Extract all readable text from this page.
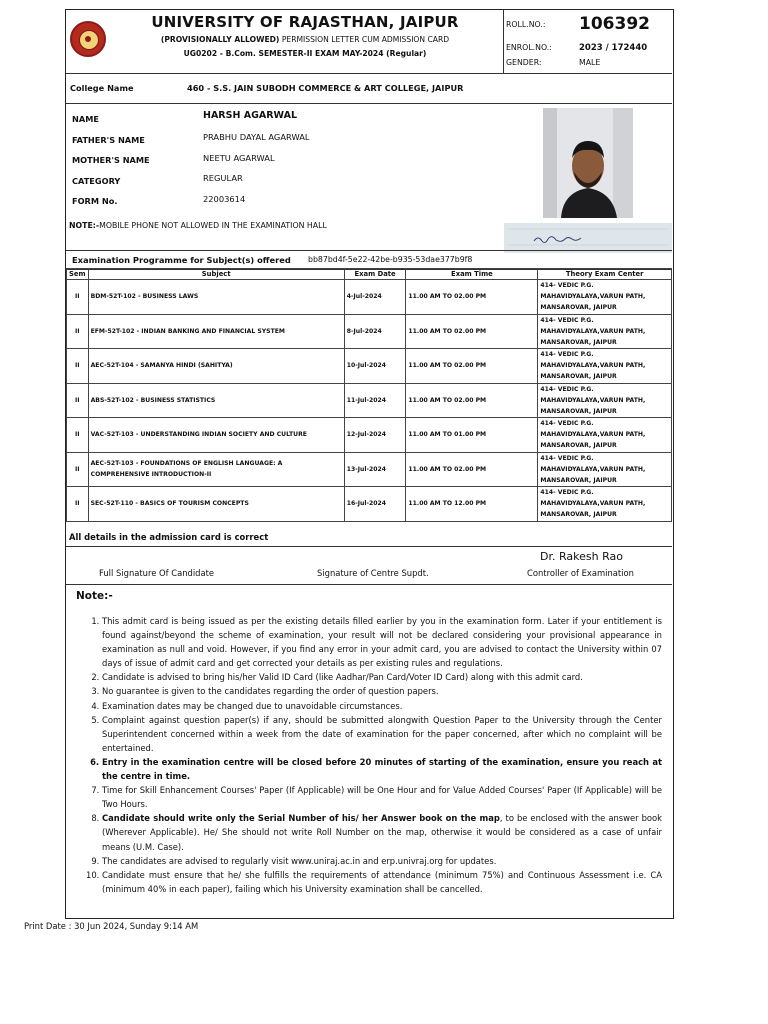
UNIVERSITY OF RAJASTHAN, JAIPUR
(PROVISIONALLY ALLOWED) PERMISSION LETTER CUM ADMISSION CARD
UG0202 - B.Com. SEMESTER-II EXAM MAY-2024 (Regular)
ROLL.NO.: 106392
ENROL.NO.:	2023 / 172440
GENDER:	MALE
College Name	460 - S.S. JAIN SUBODH COMMERCE & ART COLLEGE, JAIPUR
NAME	HARSH AGARWAL
FATHER'S NAME	PRABHU DAYAL AGARWAL
MOTHER'S NAME	NEETU AGARWAL
CATEGORY	REGULAR
FORM No.	22003614
NOTE:-MOBILE PHONE NOT ALLOWED IN THE EXAMINATION HALL
Examination Programme for Subject(s) offered bb87bd4f-5e22-42be-b935-53dae377b9f8
Sem	Subject	Exam Date	Exam Time	Theory Exam Center
II	BDM-52T-102 - BUSINESS LAWS	4-Jul-2024	11.00 AM TO 02.00 PM	414- VEDIC P.G. MAHAVIDYALAYA,VARUN PATH, MANSAROVAR, JAIPUR
II	EFM-52T-102 - INDIAN BANKING AND FINANCIAL SYSTEM	8-Jul-2024	11.00 AM TO 02.00 PM	414- VEDIC P.G. MAHAVIDYALAYA,VARUN PATH, MANSAROVAR, JAIPUR
II	AEC-52T-104 - SAMANYA HINDI (SAHITYA)	10-Jul-2024	11.00 AM TO 02.00 PM	414- VEDIC P.G. MAHAVIDYALAYA,VARUN PATH, MANSAROVAR, JAIPUR
II	ABS-52T-102 - BUSINESS STATISTICS	11-Jul-2024	11.00 AM TO 02.00 PM	414- VEDIC P.G. MAHAVIDYALAYA,VARUN PATH, MANSAROVAR, JAIPUR
II	VAC-52T-103 - UNDERSTANDING INDIAN SOCIETY AND CULTURE	12-Jul-2024	11.00 AM TO 01.00 PM	414- VEDIC P.G. MAHAVIDYALAYA,VARUN PATH, MANSAROVAR, JAIPUR
II	AEC-52T-103 - FOUNDATIONS OF ENGLISH LANGUAGE: A COMPREHENSIVE INTRODUCTION-II	13-Jul-2024	11.00 AM TO 02.00 PM	414- VEDIC P.G. MAHAVIDYALAYA,VARUN PATH, MANSAROVAR, JAIPUR
II	SEC-52T-110 - BASICS OF TOURISM CONCEPTS	16-Jul-2024	11.00 AM TO 12.00 PM	414- VEDIC P.G. MAHAVIDYALAYA,VARUN PATH, MANSAROVAR, JAIPUR
All details in the admission card is correct
Dr. Rakesh Rao
Full Signature Of Candidate	Signature of Centre Supdt.	Controller of Examination
Note:-
1. This admit card is being issued as per the existing details filled earlier by you in the examination form. Later if your entitlement is found against/beyond the scheme of examination, your result will not be declared considering your provisional appearance in examination as null and void. However, if you find any error in your admit card, you are advised to contact the University within 07 days of issue of admit card and get corrected your details as per existing rules and regulations.
2. Candidate is advised to bring his/her Valid ID Card (like Aadhar/Pan Card/Voter ID Card) along with this admit card.
3. No guarantee is given to the candidates regarding the order of question papers.
4. Examination dates may be changed due to unavoidable circumstances.
5. Complaint against question paper(s) if any, should be submitted alongwith Question Paper to the University through the Center Superintendent concerned within a week from the date of examination for the paper concerned, after which no complaint will be entertained.
6. Entry in the examination centre will be closed before 20 minutes of starting of the examination, ensure you reach at the centre in time.
7. Time for Skill Enhancement Courses' Paper (If Applicable) will be One Hour and for Value Added Courses' Paper (If Applicable) will be Two Hours.
8. Candidate should write only the Serial Number of his/ her Answer book on the map, to be enclosed with the answer book (Wherever Applicable). He/ She should not write Roll Number on the map, otherwise it would be considered as a case of unfair means (U.M. Case).
9. The candidates are advised to regularly visit www.uniraj.ac.in and erp.univraj.org for updates.
10. Candidate must ensure that he/ she fulfills the requirements of attendance (minimum 75%) and Continuous Assessment i.e. CA (minimum 40% in each paper), failing which his University examination shall be cancelled.
Print Date : 30 Jun 2024, Sunday 9:14 AM
